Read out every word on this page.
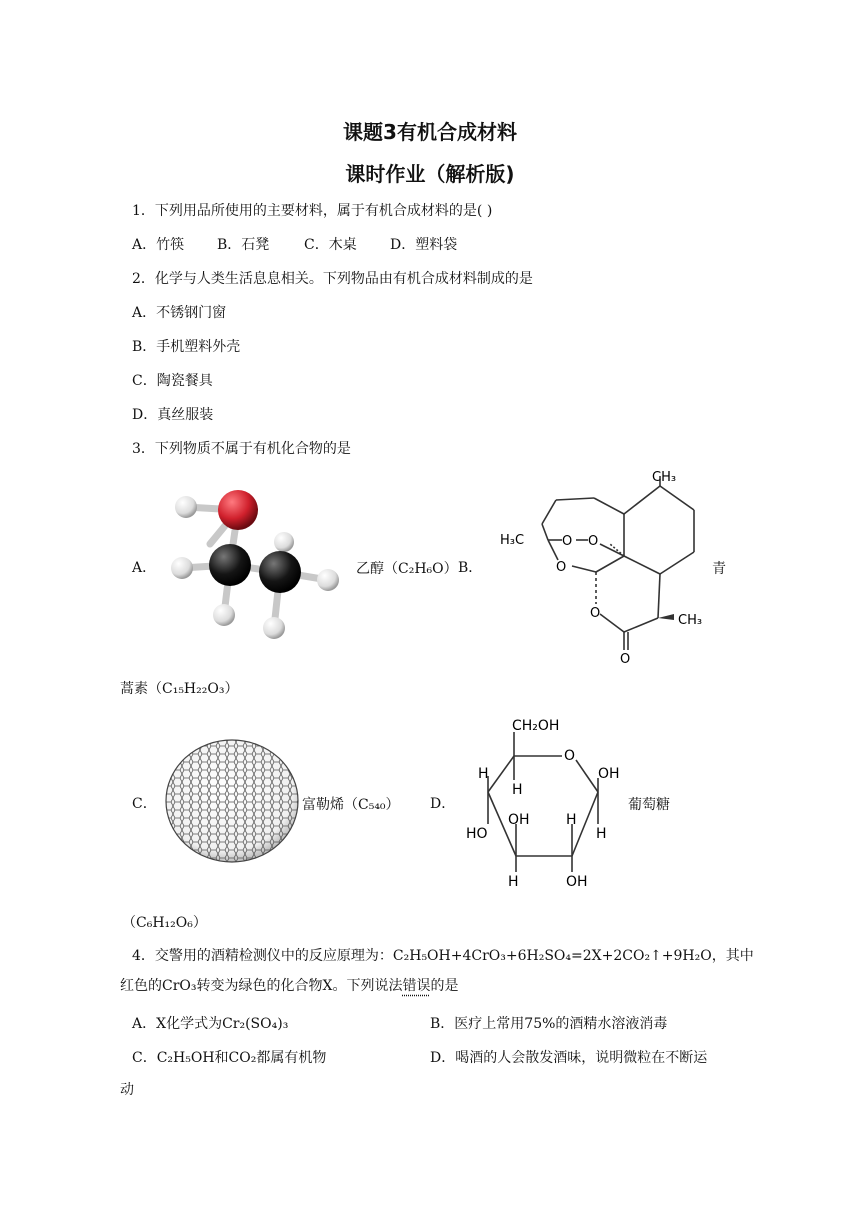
课题3有机合成材料
课时作业（解析版)
1．下列用品所使用的主要材料，属于有机合成材料的是( )
A．竹筷 B．石凳 C．木桌 D．塑料袋
2．化学与人类生活息息相关。下列物品由有机合成材料制成的是
A．不锈钢门窗
B．手机塑料外壳
C．陶瓷餐具
D．真丝服装
3．下列物质不属于有机化合物的是
A．	乙醇（C₂H₆O） B．
CH₃
H₃C	O O
O
O
O
CH₃
青
蒿素（C₁₅H₂₂O₃）
C．	富勒烯（C₅₄₀） D．
CH₂OH
O
H
H
OH
H
HO
OH	H
H	OH
葡萄糖
（C₆H₁₂O₆）
4．交警用的酒精检测仪中的反应原理为：C₂H₅OH+4CrO₃+6H₂SO₄=2X+2CO₂↑+9H₂O，其中
红色的CrO₃转变为绿色的化合物X。下列说法错误的是
A．X化学式为Cr₂(SO₄)₃	B．医疗上常用75%的酒精水溶液消毒
C．C₂H₅OH和CO₂都属有机物	D．喝酒的人会散发酒味，说明微粒在不断运
动
